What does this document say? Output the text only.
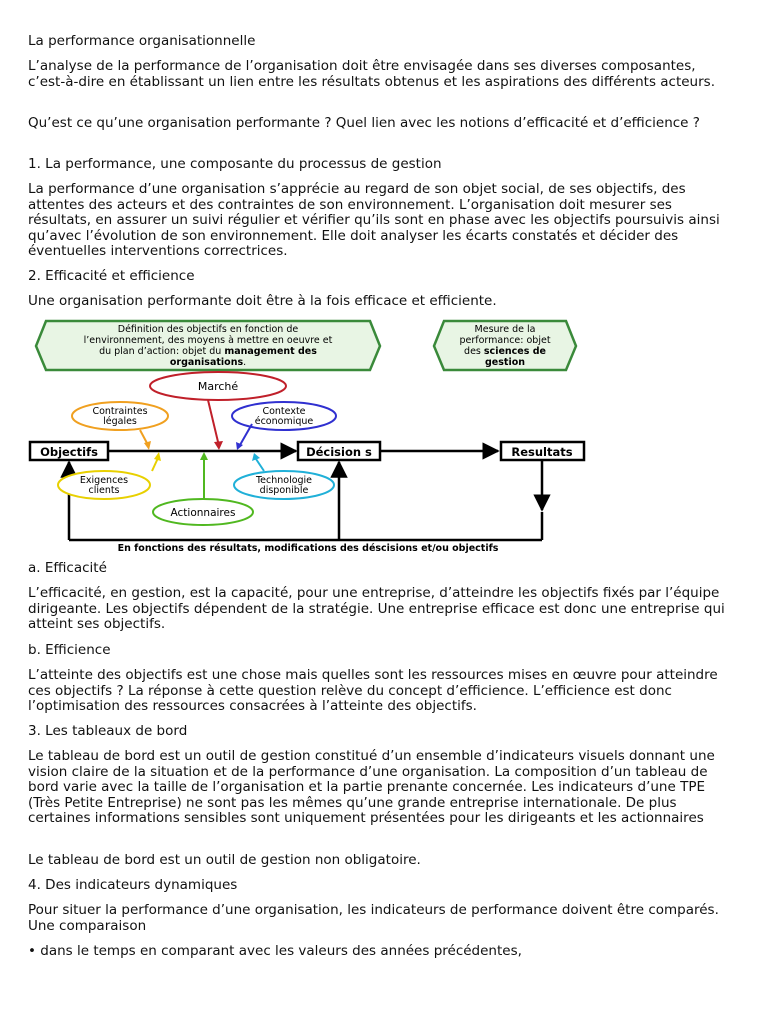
La performance organisationnelle

L’analyse de la performance de l’organisation doit être envisagée dans ses diverses composantes, c’est-à-dire en établissant un lien entre les résultats obtenus et les aspirations des différents acteurs.

Qu’est ce qu’une organisation performante ? Quel lien avec les notions d’efficacité et d’efficience ?

1. La performance, une composante du processus de gestion

La performance d’une organisation s’apprécie au regard de son objet social, de ses objectifs, des attentes des acteurs et des contraintes de son environnement. L’organisation doit mesurer ses résultats, en assurer un suivi régulier et vérifier qu’ils sont en phase avec les objectifs poursuivis ainsi qu’avec l’évolution de son environnement. Elle doit analyser les écarts constatés et décider des éventuelles interventions correctrices.

2. Efficacité et efficience

Une organisation performante doit être à la fois efficace et efficiente.

a. Efficacité

L’efficacité, en gestion, est la capacité, pour une entreprise, d’atteindre les objectifs fixés par l’équipe dirigeante. Les objectifs dépendent de la stratégie. Une entreprise efficace est donc une entreprise qui atteint ses objectifs.

b. Efficience

L’atteinte des objectifs est une chose mais quelles sont les ressources mises en œuvre pour atteindre ces objectifs ? La réponse à cette question relève du concept d’efficience. L’efficience est donc l’optimisation des ressources consacrées à l’atteinte des objectifs.

3. Les tableaux de bord

Le tableau de bord est un outil de gestion constitué d’un ensemble d’indicateurs visuels donnant une vision claire de la situation et de la performance d’une organisation. La composition d’un tableau de bord varie avec la taille de l’organisation et la partie prenante concernée. Les indicateurs d’une TPE (Très Petite Entreprise) ne sont pas les mêmes qu’une grande entreprise internationale. De plus certaines informations sensibles sont uniquement présentées pour les dirigeants et les actionnaires

Le tableau de bord est un outil de gestion non obligatoire.

4. Des indicateurs dynamiques

Pour situer la performance d’une organisation, les indicateurs de performance doivent être comparés. Une comparaison

• dans le temps en comparant avec les valeurs des années précédentes,

Définition des objectifs en fonction de
l’environnement, des moyens à mettre en oeuvre et
du plan d’action: objet du management des
organisations.
Mesure de la
performance: objet
des sciences de
gestion
Objectifs	Décision s	Resultats
En fonctions des résultats, modifications des déscisions et/ou objectifs
Marché
Contraintes
légales
Contexte
économique
Exigences
clients
Technologie
disponible
Actionnaires
